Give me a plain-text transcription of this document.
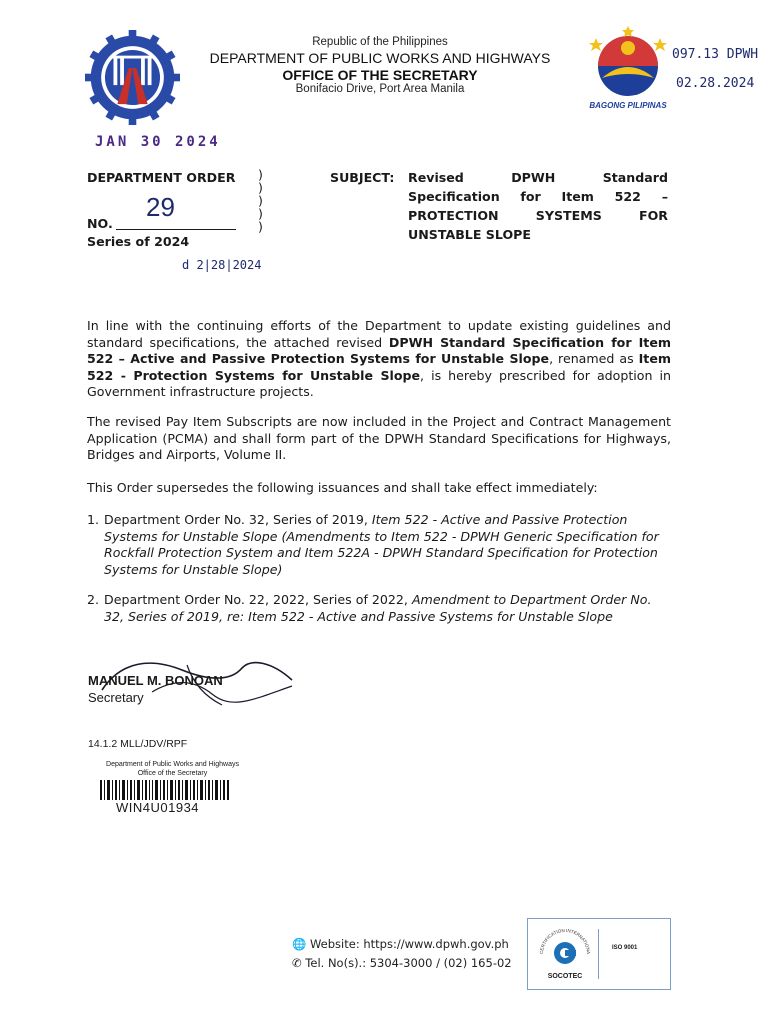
Republic of the Philippines
DEPARTMENT OF PUBLIC WORKS AND HIGHWAYS
OFFICE OF THE SECRETARY
Bonifacio Drive, Port Area Manila
BAGONG PILIPINAS
097.13 DPWH
02.28.2024
JAN 30 2024
DEPARTMENT ORDER )
)
)
)
)
29
NO.
Series of 2024
d 2|28|2024
SUBJECT: Revised	DPWH	Standard
Specification for Item 522 –
PROTECTION	SYSTEMS	FOR
UNSTABLE SLOPE
In line with the continuing efforts of the Department to update existing guidelines and standard specifications, the attached revised DPWH Standard Specification for Item 522 – Active and Passive Protection Systems for Unstable Slope, renamed as Item 522 - Protection Systems for Unstable Slope, is hereby prescribed for adoption in Government infrastructure projects.
The revised Pay Item Subscripts are now included in the Project and Contract Management Application (PCMA) and shall form part of the DPWH Standard Specifications for Highways, Bridges and Airports, Volume II.
This Order supersedes the following issuances and shall take effect immediately:
1. Department Order No. 32, Series of 2019, Item 522 - Active and Passive Protection Systems for Unstable Slope (Amendments to Item 522 - DPWH Generic Specification for Rockfall Protection System and Item 522A - DPWH Standard Specification for Protection Systems for Unstable Slope)
2. Department Order No. 22, 2022, Series of 2022, Amendment to Department Order No. 32, Series of 2019, re: Item 522 - Active and Passive Systems for Unstable Slope
MANUEL M. BONOAN
Secretary
14.1.2 MLL/JDV/RPF
Department of Public Works and Highways
Office of the Secretary
WIN4U01934
🌐 Website: https://www.dpwh.gov.ph
✆ Tel. No(s).: 5304-3000 / (02) 165-02
CERTIFICATION INTERNATIONA
SOCOTEC
ISO 9001
